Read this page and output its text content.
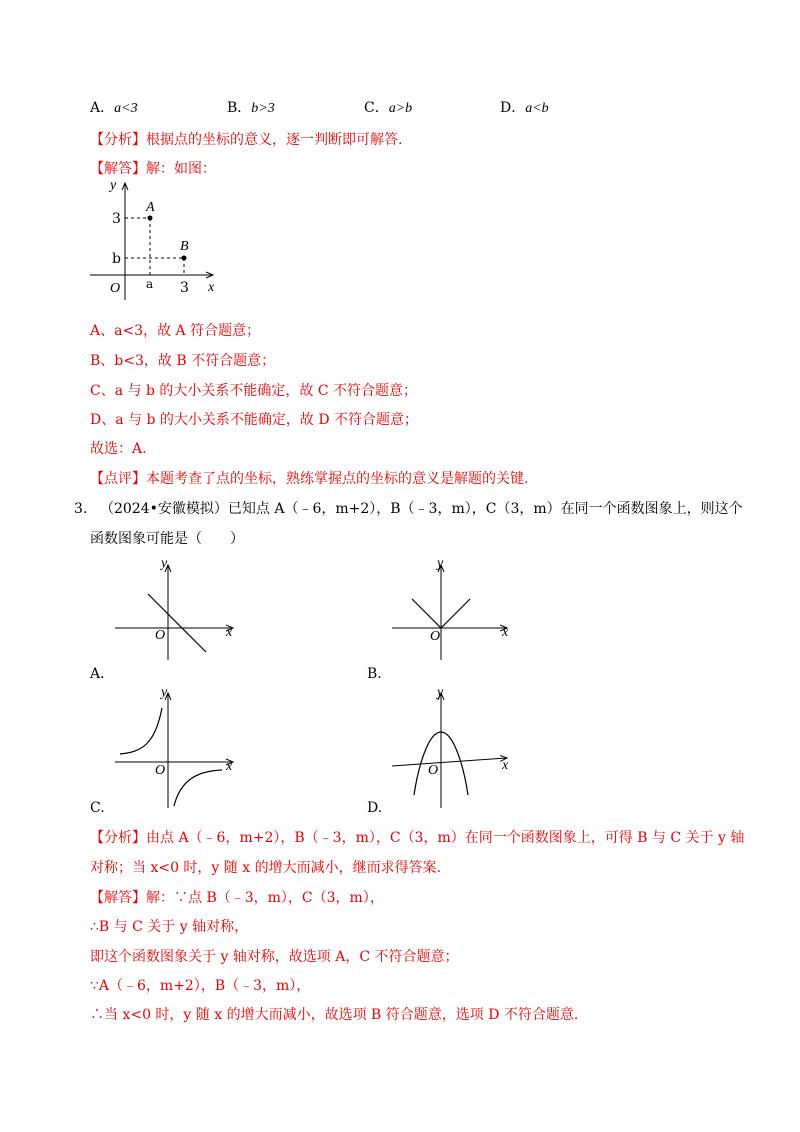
A．a<3	B．b>3	C．a>b	D．a<b
【分析】根据点的坐标的意义，逐一判断即可解答.
【解答】解：如图：
y
3
A
B
b
O a 3 x
A、a<3，故 A 符合题意；
B、b<3，故 B 不符合题意；
C、a 与 b 的大小关系不能确定，故 C 不符合题意；
D、a 与 b 的大小关系不能确定，故 D 不符合题意；
故选：A.
【点评】本题考查了点的坐标，熟练掌握点的坐标的意义是解题的关键.
3. （2024•安徽模拟）已知点 A（﹣6，m+2），B（﹣3，m），C（3，m）在同一个函数图象上，则这个
函数图象可能是（　　）
y
x
O
A.
y
x
O
B.
y
x
O
C.
y
x
O
D.
【分析】由点 A（﹣6，m+2），B（﹣3，m），C（3，m）在同一个函数图象上，可得 B 与 C 关于 y 轴
对称；当 x<0 时，y 随 x 的增大而减小，继而求得答案.
【解答】解：∵点 B（﹣3，m），C（3，m），
∴B 与 C 关于 y 轴对称，
即这个函数图象关于 y 轴对称，故选项 A，C 不符合题意；
∵A（﹣6，m+2），B（﹣3，m），
∴当 x<0 时，y 随 x 的增大而减小，故选项 B 符合题意，选项 D 不符合题意.
